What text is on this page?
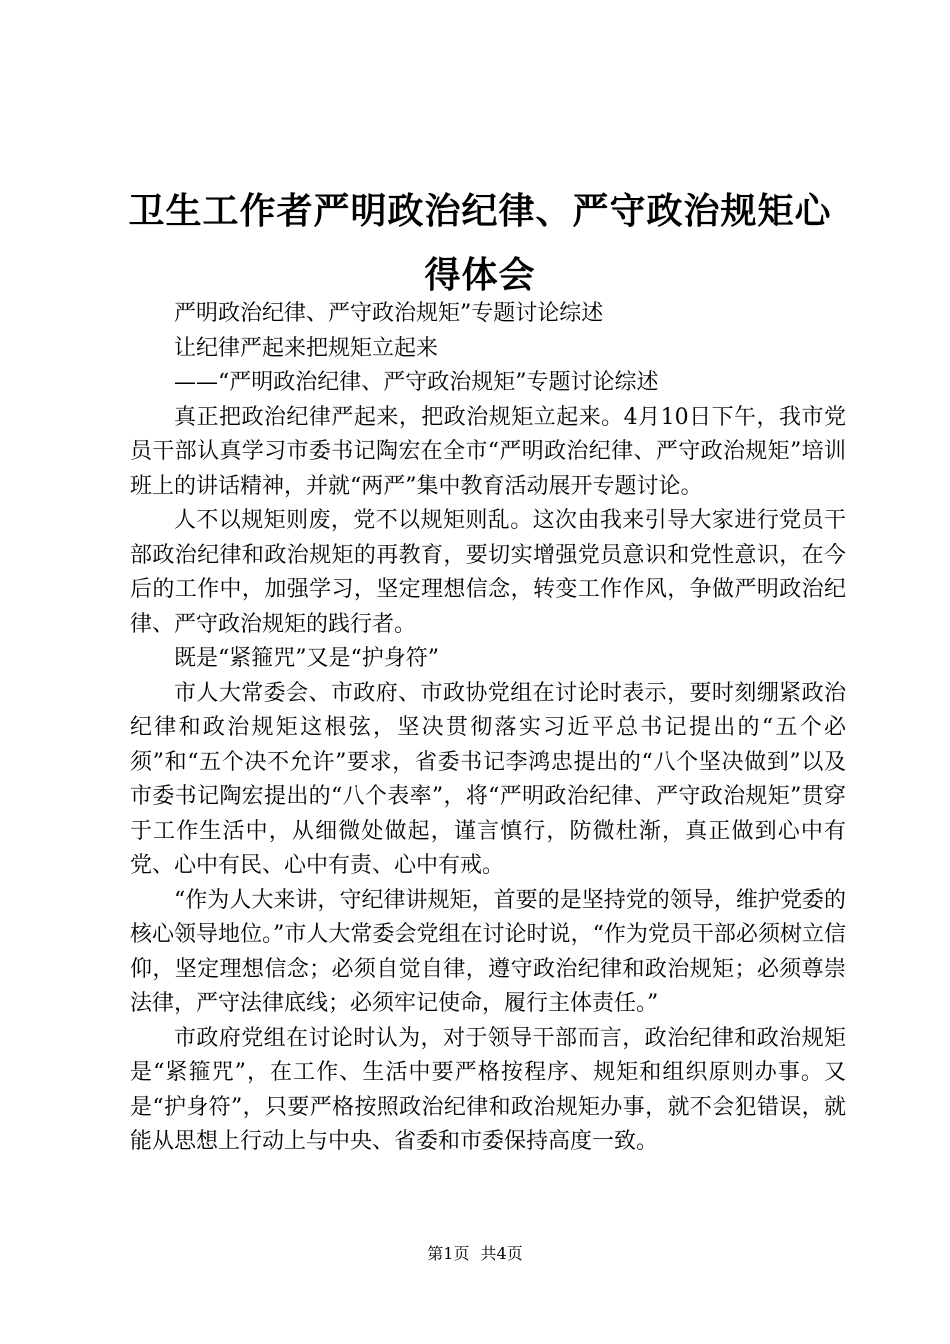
卫生工作者严明政治纪律、严守政治规矩心得体会

严明政治纪律、严守政治规矩”专题讨论综述

让纪律严起来把规矩立起来

——“严明政治纪律、严守政治规矩”专题讨论综述

真正把政治纪律严起来，把政治规矩立起来。4月10日下午，我市党员干部认真学习市委书记陶宏在全市“严明政治纪律、严守政治规矩”培训班上的讲话精神，并就“两严”集中教育活动展开专题讨论。

人不以规矩则废，党不以规矩则乱。这次由我来引导大家进行党员干部政治纪律和政治规矩的再教育，要切实增强党员意识和党性意识，在今后的工作中，加强学习，坚定理想信念，转变工作作风，争做严明政治纪律、严守政治规矩的践行者。

既是“紧箍咒”又是“护身符”

市人大常委会、市政府、市政协党组在讨论时表示，要时刻绷紧政治纪律和政治规矩这根弦，坚决贯彻落实习近平总书记提出的“五个必须”和“五个决不允许”要求，省委书记李鸿忠提出的“八个坚决做到”以及市委书记陶宏提出的“八个表率”，将“严明政治纪律、严守政治规矩”贯穿于工作生活中，从细微处做起，谨言慎行，防微杜渐，真正做到心中有党、心中有民、心中有责、心中有戒。

“作为人大来讲，守纪律讲规矩，首要的是坚持党的领导，维护党委的核心领导地位。”市人大常委会党组在讨论时说，“作为党员干部必须树立信仰，坚定理想信念；必须自觉自律，遵守政治纪律和政治规矩；必须尊崇法律，严守法律底线；必须牢记使命，履行主体责任。”

市政府党组在讨论时认为，对于领导干部而言，政治纪律和政治规矩是“紧箍咒”，在工作、生活中要严格按程序、规矩和组织原则办事。又是“护身符”，只要严格按照政治纪律和政治规矩办事，就不会犯错误，就能从思想上行动上与中央、省委和市委保持高度一致。

第1页 共4页
